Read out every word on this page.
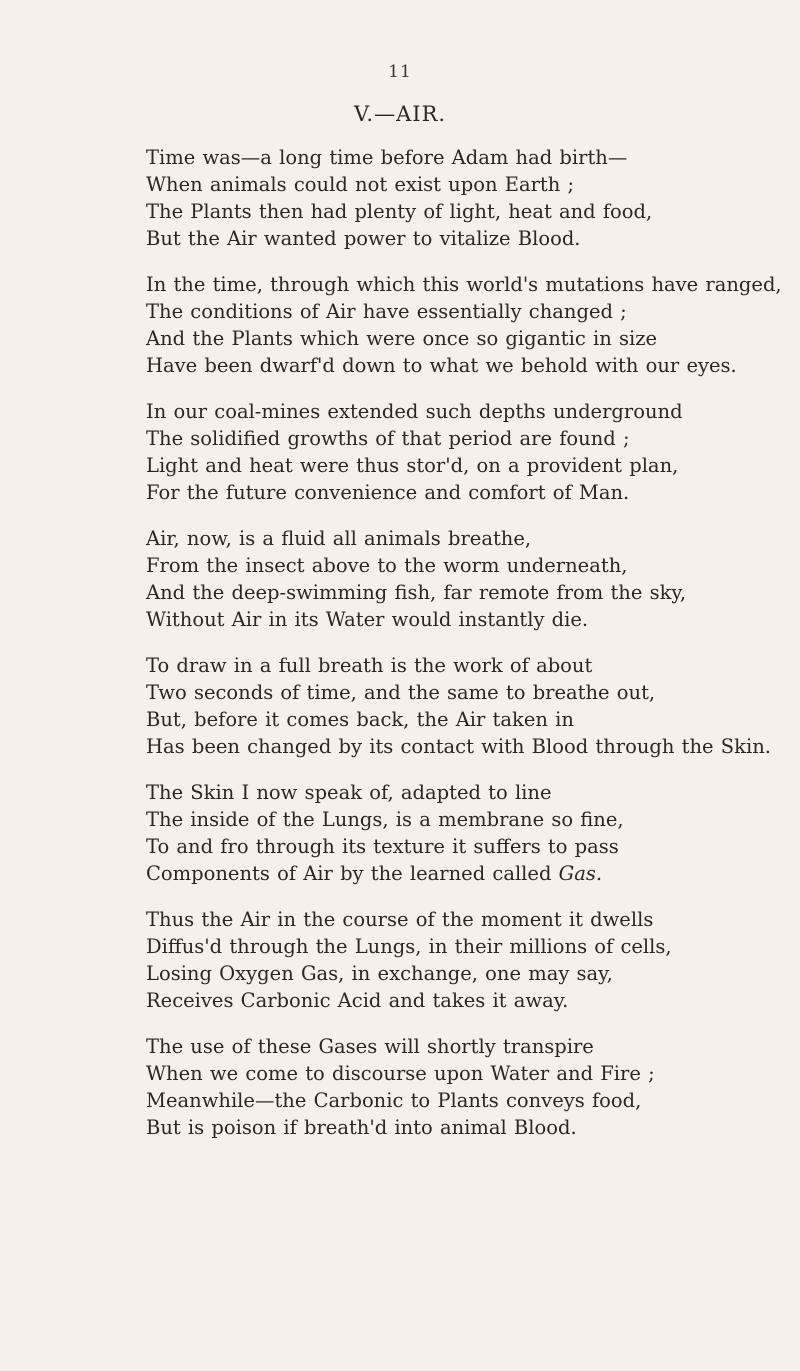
11
V.—AIR.
Time was—a long time before Adam had birth—
When animals could not exist upon Earth ;
The Plants then had plenty of light, heat and food,
But the Air wanted power to vitalize Blood.
In the time, through which this world's mutations have ranged,
The conditions of Air have essentially changed ;
And the Plants which were once so gigantic in size
Have been dwarf'd down to what we behold with our eyes.
In our coal-mines extended such depths underground
The solidified growths of that period are found ;
Light and heat were thus stor'd, on a provident plan,
For the future convenience and comfort of Man.
Air, now, is a fluid all animals breathe,
From the insect above to the worm underneath,
And the deep-swimming fish, far remote from the sky,
Without Air in its Water would instantly die.
To draw in a full breath is the work of about
Two seconds of time, and the same to breathe out,
But, before it comes back, the Air taken in
Has been changed by its contact with Blood through the Skin.
The Skin I now speak of, adapted to line
The inside of the Lungs, is a membrane so fine,
To and fro through its texture it suffers to pass
Components of Air by the learned called Gas.
Thus the Air in the course of the moment it dwells
Diffus'd through the Lungs, in their millions of cells,
Losing Oxygen Gas, in exchange, one may say,
Receives Carbonic Acid and takes it away.
The use of these Gases will shortly transpire
When we come to discourse upon Water and Fire ;
Meanwhile—the Carbonic to Plants conveys food,
But is poison if breath'd into animal Blood.
